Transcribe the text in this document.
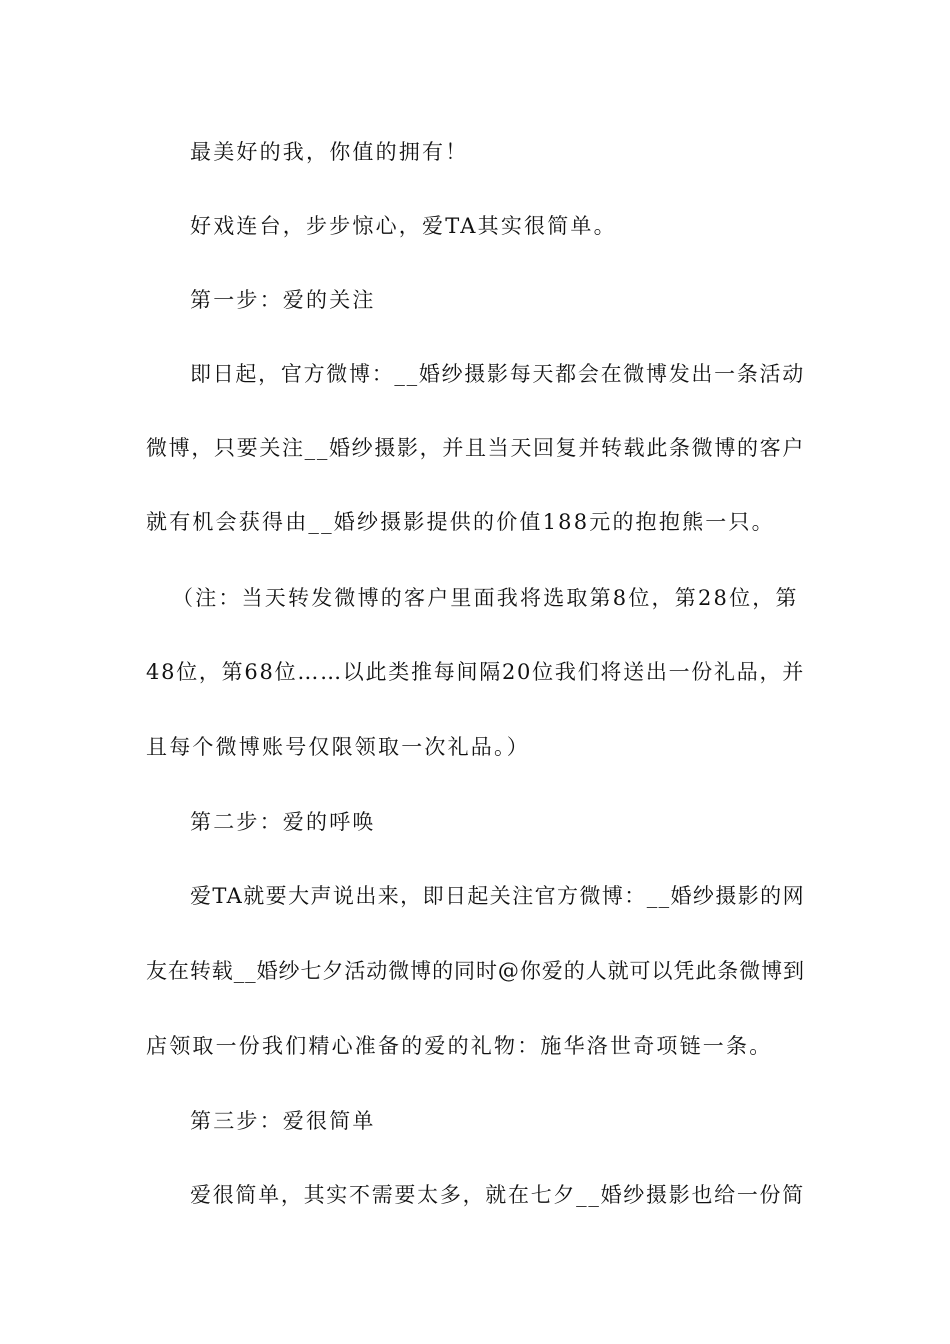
最美好的我，你值的拥有！

好戏连台，步步惊心，爱TA其实很简单。

第一步：爱的关注

即日起，官方微博：__婚纱摄影每天都会在微博发出一条活动

微博，只要关注__婚纱摄影，并且当天回复并转载此条微博的客户

就有机会获得由__婚纱摄影提供的价值188元的抱抱熊一只。

（注：当天转发微博的客户里面我将选取第8位，第28位，第

48位，第68位……以此类推每间隔20位我们将送出一份礼品，并

且每个微博账号仅限领取一次礼品。）

第二步：爱的呼唤

爱TA就要大声说出来，即日起关注官方微博：__婚纱摄影的网

友在转载__婚纱七夕活动微博的同时@你爱的人就可以凭此条微博到

店领取一份我们精心准备的爱的礼物：施华洛世奇项链一条。

第三步：爱很简单

爱很简单，其实不需要太多，就在七夕__婚纱摄影也给一份简
